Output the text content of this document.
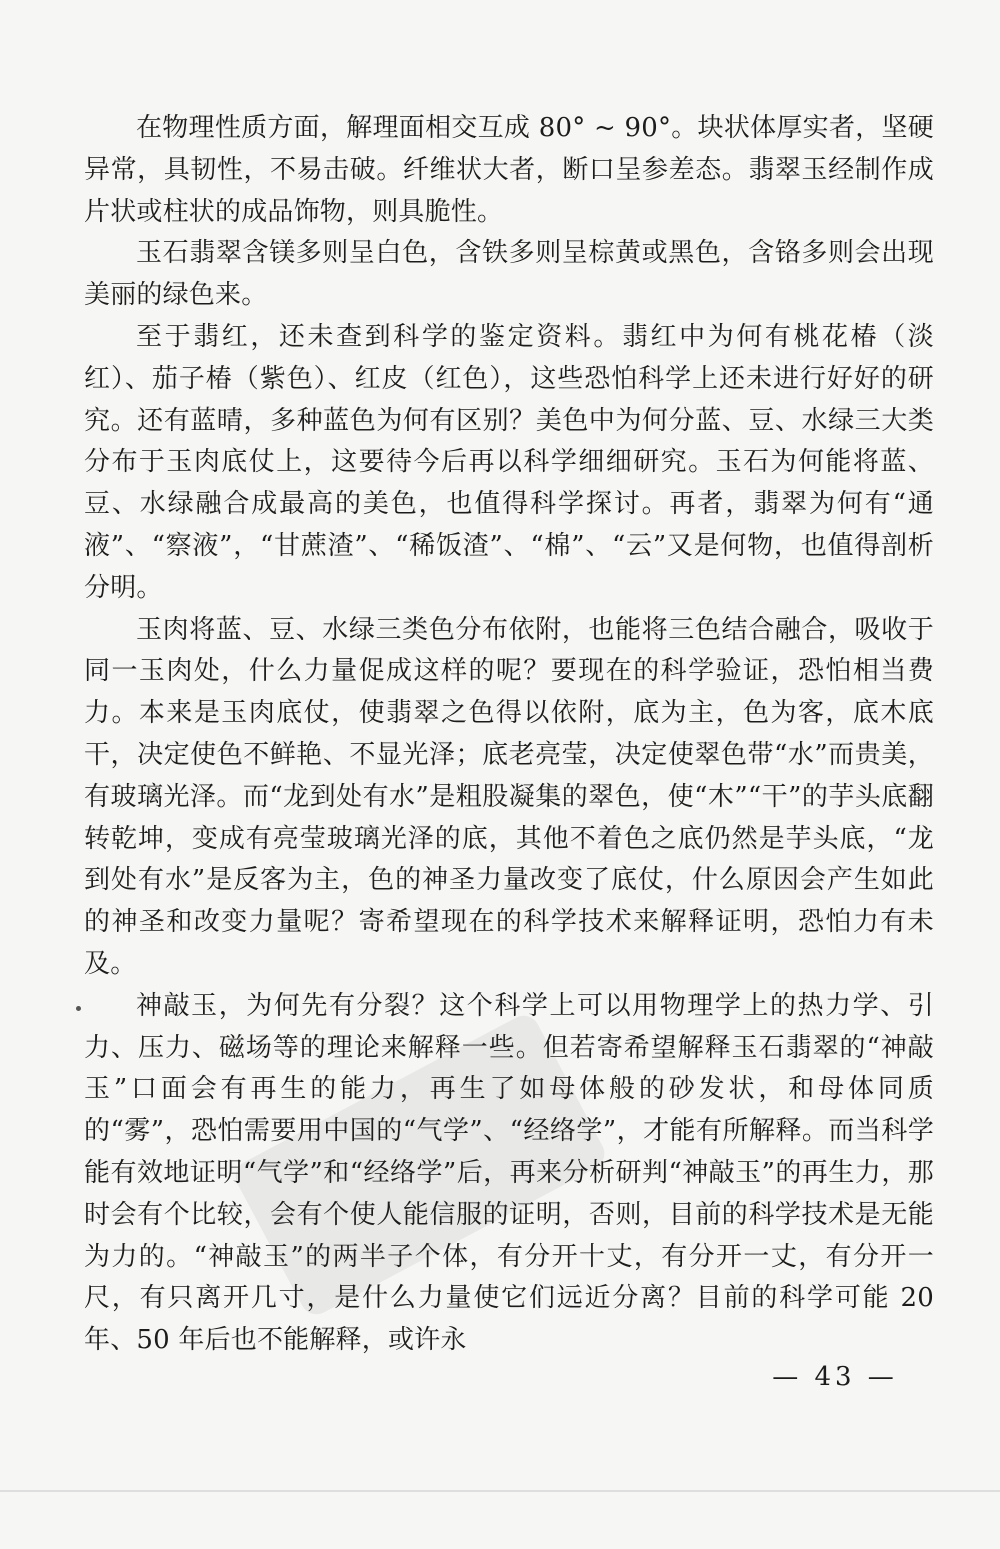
在物理性质方面，解理面相交互成 80° ~ 90°。块状体厚实者，坚硬异常，具韧性，不易击破。纤维状大者，断口呈参差态。翡翠玉经制作成片状或柱状的成品饰物，则具脆性。

玉石翡翠含镁多则呈白色，含铁多则呈棕黄或黑色，含铬多则会出现美丽的绿色来。

至于翡红，还未查到科学的鉴定资料。翡红中为何有桃花椿（淡红）、茄子椿（紫色）、红皮（红色），这些恐怕科学上还未进行好好的研究。还有蓝晴，多种蓝色为何有区别？美色中为何分蓝、豆、水绿三大类分布于玉肉底仗上，这要待今后再以科学细细研究。玉石为何能将蓝、豆、水绿融合成最高的美色，也值得科学探讨。再者，翡翠为何有“通液”、“察液”，“甘蔗渣”、“稀饭渣”、“棉”、“云”又是何物，也值得剖析分明。

玉肉将蓝、豆、水绿三类色分布依附，也能将三色结合融合，吸收于同一玉肉处，什么力量促成这样的呢？要现在的科学验证，恐怕相当费力。本来是玉肉底仗，使翡翠之色得以依附，底为主，色为客，底木底干，决定使色不鲜艳、不显光泽；底老亮莹，决定使翠色带“水”而贵美，有玻璃光泽。而“龙到处有水”是粗股凝集的翠色，使“木”“干”的芋头底翻转乾坤，变成有亮莹玻璃光泽的底，其他不着色之底仍然是芋头底，“龙到处有水”是反客为主，色的神圣力量改变了底仗，什么原因会产生如此的神圣和改变力量呢？寄希望现在的科学技术来解释证明，恐怕力有未及。

神敲玉，为何先有分裂？这个科学上可以用物理学上的热力学、引力、压力、磁场等的理论来解释一些。但若寄希望解释玉石翡翠的“神敲玉”口面会有再生的能力，再生了如母体般的砂发状，和母体同质的“雾”，恐怕需要用中国的“气学”、“经络学”，才能有所解释。而当科学能有效地证明“气学”和“经络学”后，再来分析研判“神敲玉”的再生力，那时会有个比较，会有个使人能信服的证明，否则，目前的科学技术是无能为力的。“神敲玉”的两半子个体，有分开十丈，有分开一丈，有分开一尺，有只离开几寸，是什么力量使它们远近分离？目前的科学可能 20 年、50 年后也不能解释，或许永

— 43 —
